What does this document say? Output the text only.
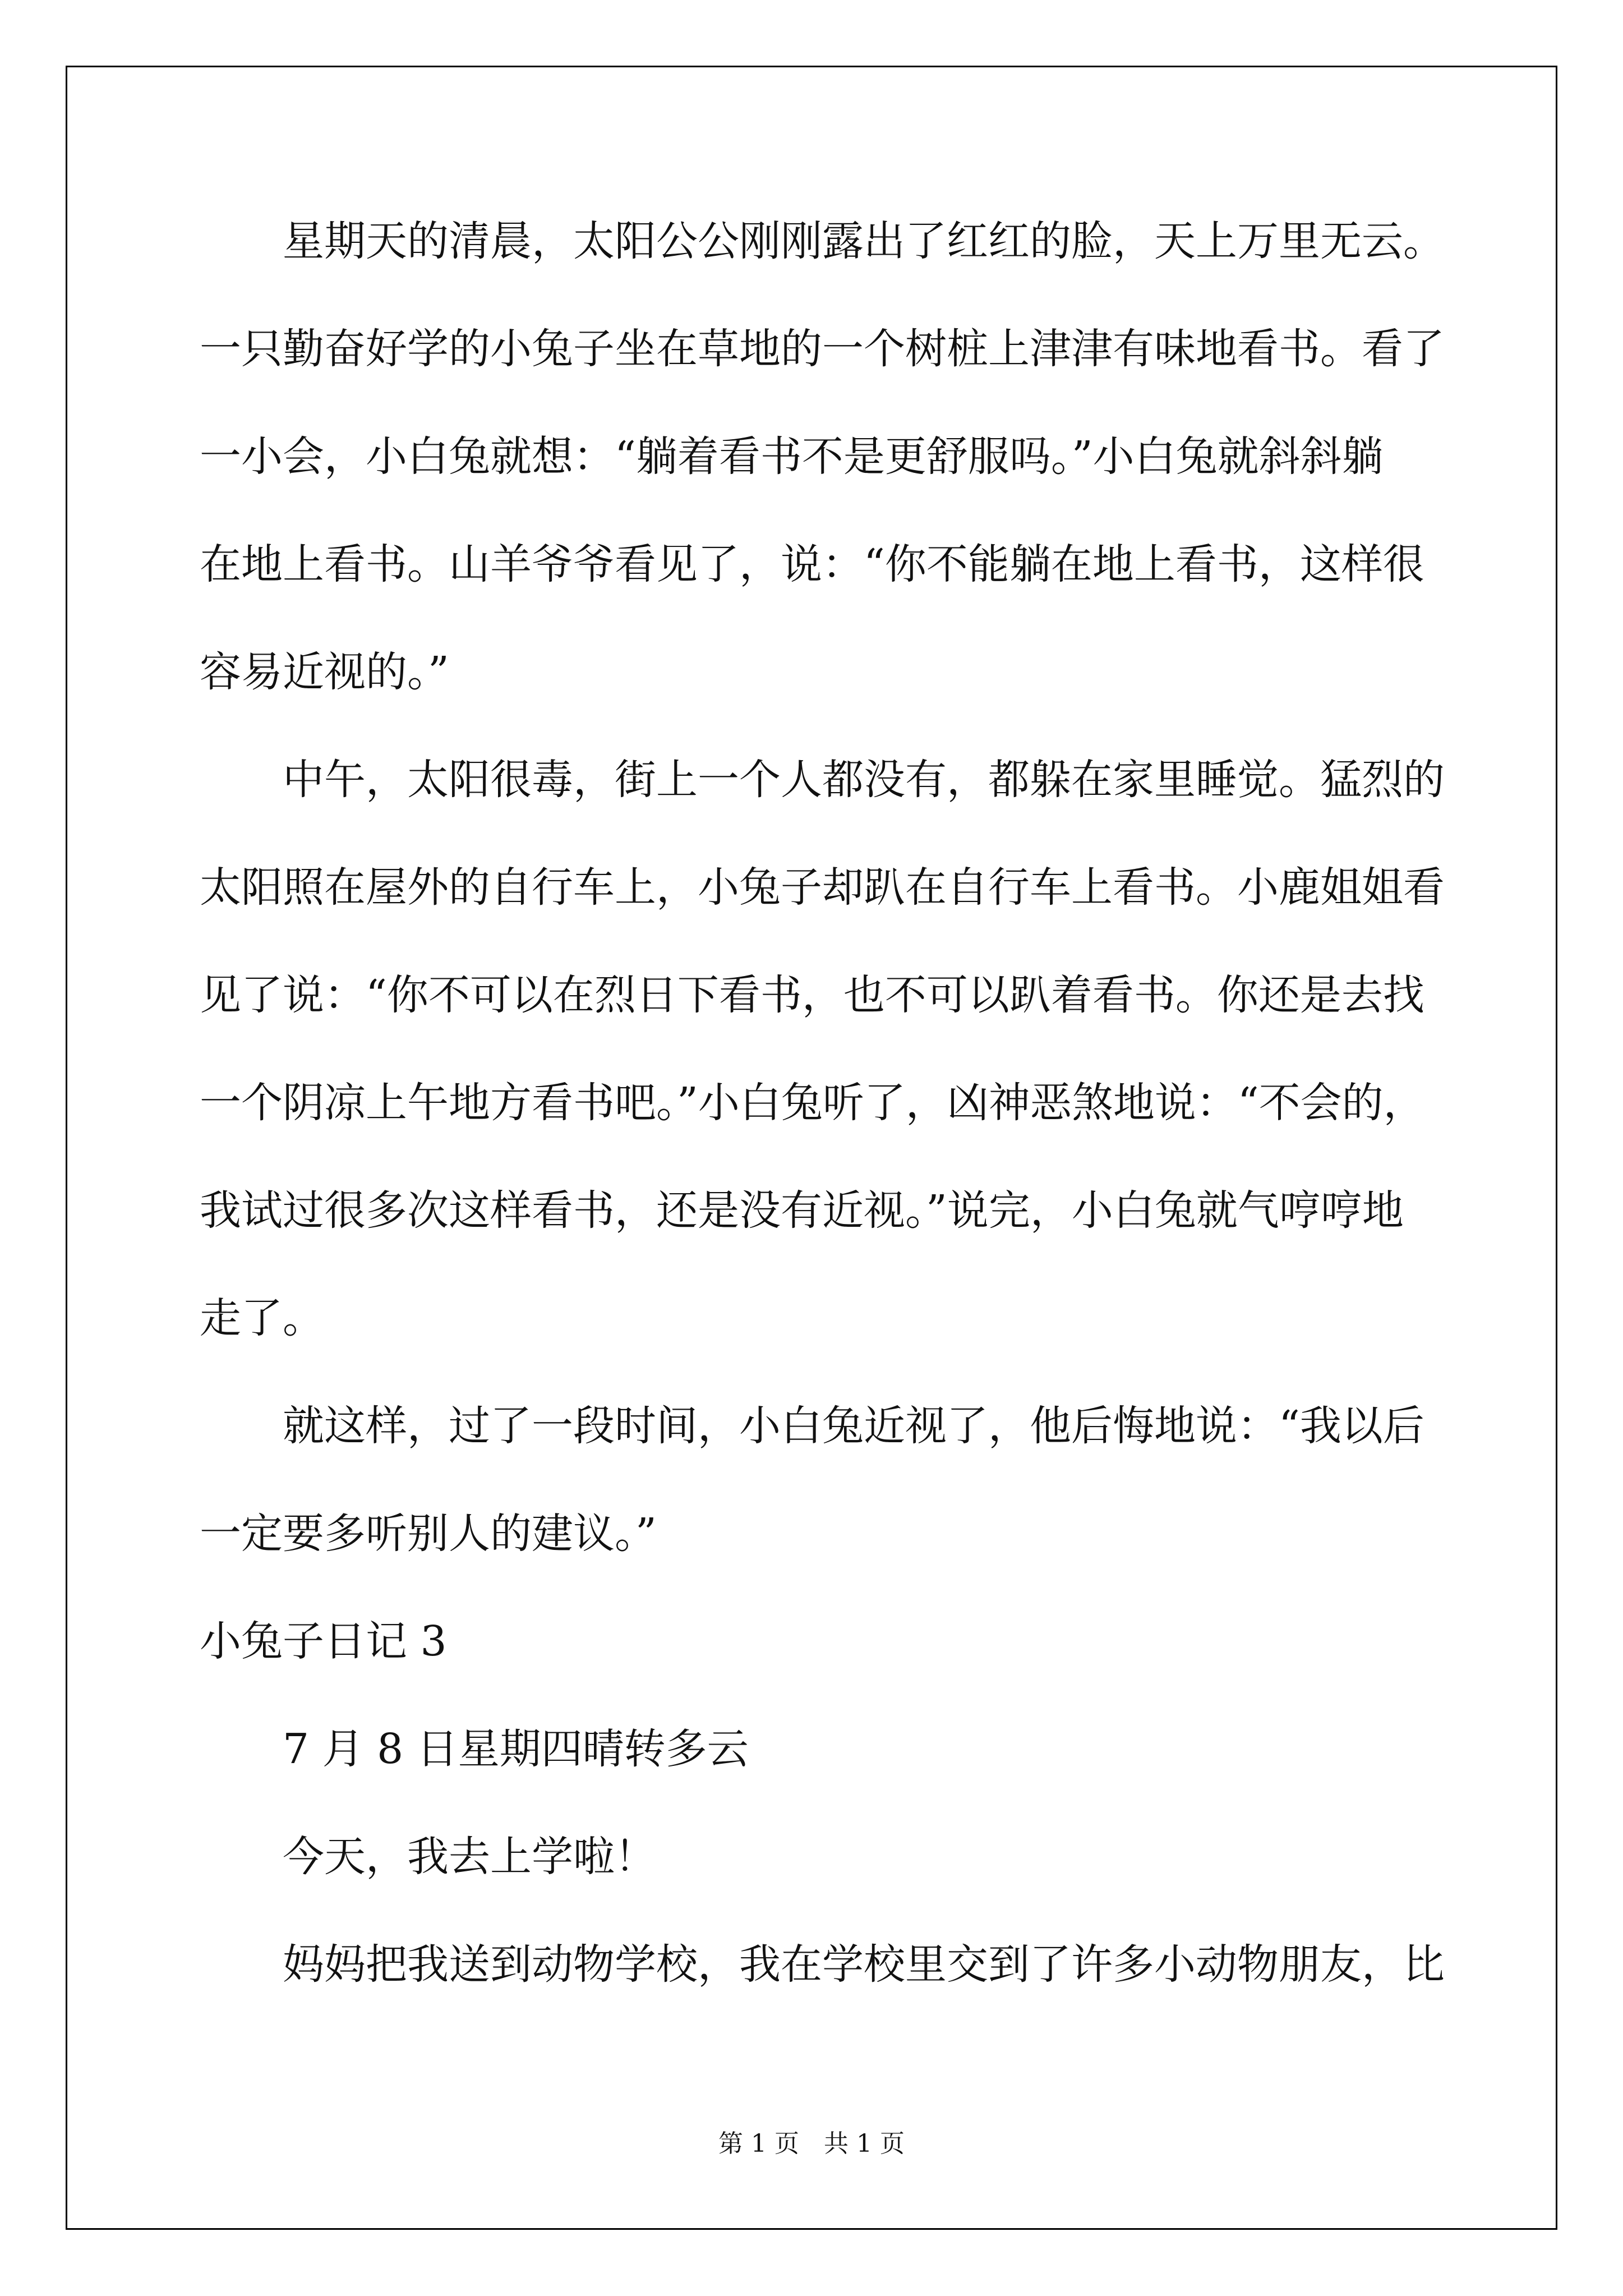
星期天的清晨，太阳公公刚刚露出了红红的脸，天上万里无云。
一只勤奋好学的小兔子坐在草地的一个树桩上津津有味地看书。看了
一小会，小白兔就想：“躺着看书不是更舒服吗。”小白兔就斜斜躺
在地上看书。山羊爷爷看见了，说：“你不能躺在地上看书，这样很
容易近视的。”
中午，太阳很毒，街上一个人都没有，都躲在家里睡觉。猛烈的
太阳照在屋外的自行车上，小兔子却趴在自行车上看书。小鹿姐姐看
见了说：“你不可以在烈日下看书，也不可以趴着看书。你还是去找
一个阴凉上午地方看书吧。”小白兔听了，凶神恶煞地说：“不会的，
我试过很多次这样看书，还是没有近视。”说完，小白兔就气哼哼地
走了。
就这样，过了一段时间，小白兔近视了，他后悔地说：“我以后
一定要多听别人的建议。”
小兔子日记 3
7 月 8 日星期四晴转多云
今天，我去上学啦！
妈妈把我送到动物学校，我在学校里交到了许多小动物朋友，比
第 1 页　共 1 页
